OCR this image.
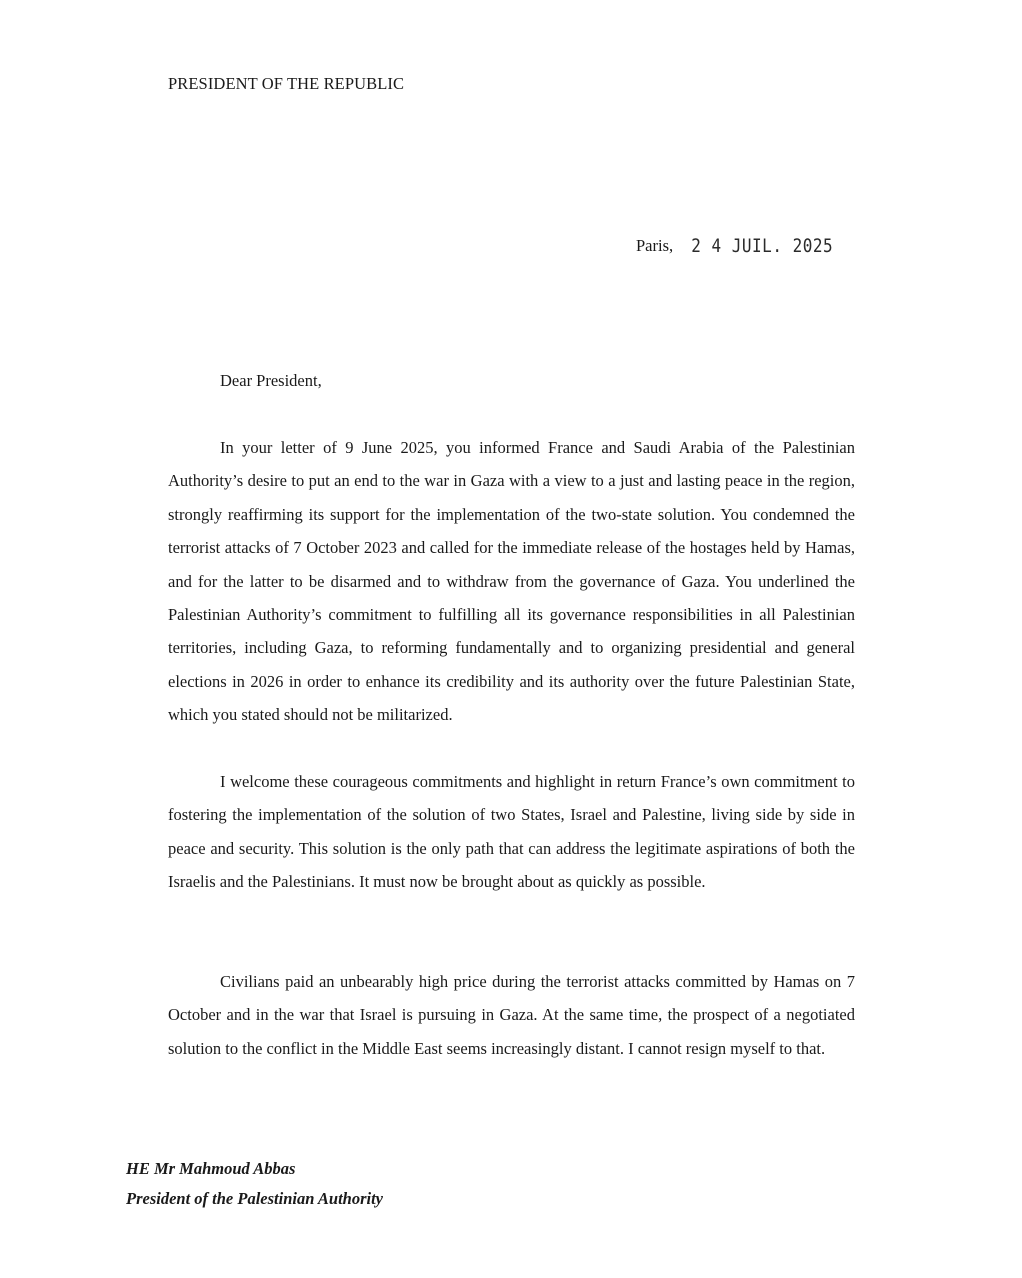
PRESIDENT OF THE REPUBLIC
Paris, 2 4 JUIL. 2025
Dear President,

In your letter of 9 June 2025, you informed France and Saudi Arabia of the Palestinian Authority’s desire to put an end to the war in Gaza with a view to a just and lasting peace in the region, strongly reaffirming its support for the implementation of the two-state solution. You condemned the terrorist attacks of 7 October 2023 and called for the immediate release of the hostages held by Hamas, and for the latter to be disarmed and to withdraw from the governance of Gaza. You underlined the Palestinian Authority’s commitment to fulfilling all its governance responsibilities in all Palestinian territories, including Gaza, to reforming fundamentally and to organizing presidential and general elections in 2026 in order to enhance its credibility and its authority over the future Palestinian State, which you stated should not be militarized.

I welcome these courageous commitments and highlight in return France’s own commitment to fostering the implementation of the solution of two States, Israel and Palestine, living side by side in peace and security. This solution is the only path that can address the legitimate aspirations of both the Israelis and the Palestinians. It must now be brought about as quickly as possible.

Civilians paid an unbearably high price during the terrorist attacks committed by Hamas on 7 October and in the war that Israel is pursuing in Gaza. At the same time, the prospect of a negotiated solution to the conflict in the Middle East seems increasingly distant. I cannot resign myself to that.

HE Mr Mahmoud Abbas
President of the Palestinian Authority
